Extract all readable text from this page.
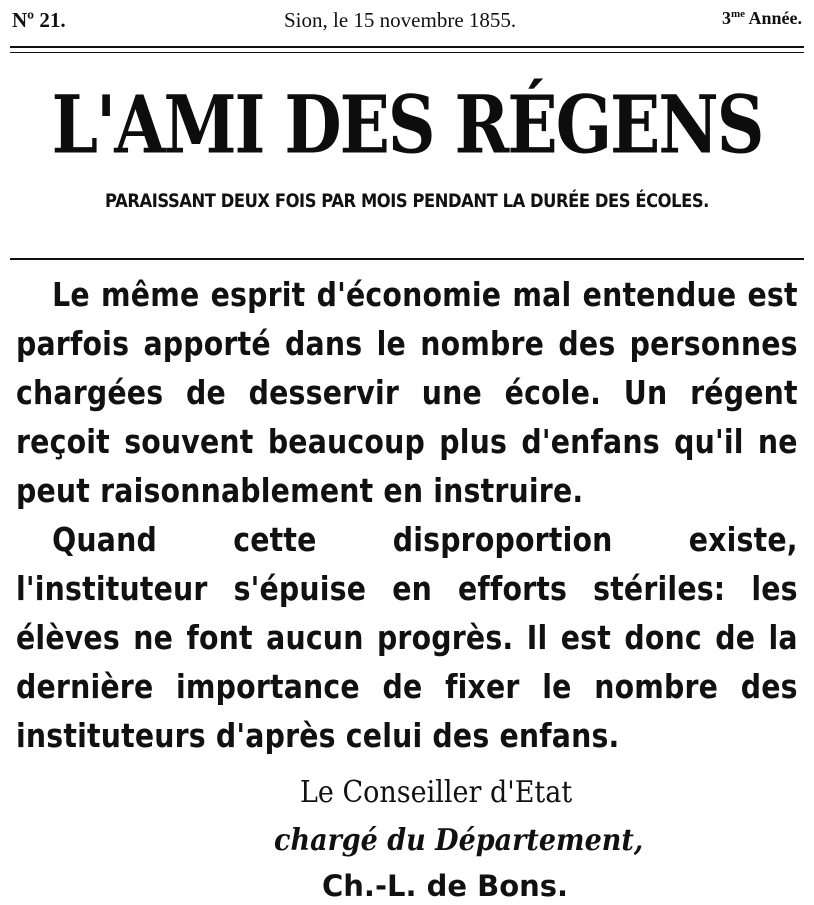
Nº 21.	Sion, le 15 novembre 1855.	$3^{me}$ Année.
L'AMI DES RÉGENS
PARAISSANT DEUX FOIS PAR MOIS PENDANT LA DURÉE DES ÉCOLES.

Le même esprit d'économie mal entendue est parfois apporté dans le nombre des personnes chargées de desservir une école. Un régent reçoit souvent beaucoup plus d'enfans qu'il ne peut raisonnablement en instruire.

Quand cette disproportion existe, l'instituteur s'épuise en efforts stériles: les élèves ne font aucun progrès. Il est donc de la dernière importance de fixer le nombre des instituteurs d'après celui des enfans.

Le Conseiller d'Etat
chargé du Département,
Ch.-L. de Bons.
